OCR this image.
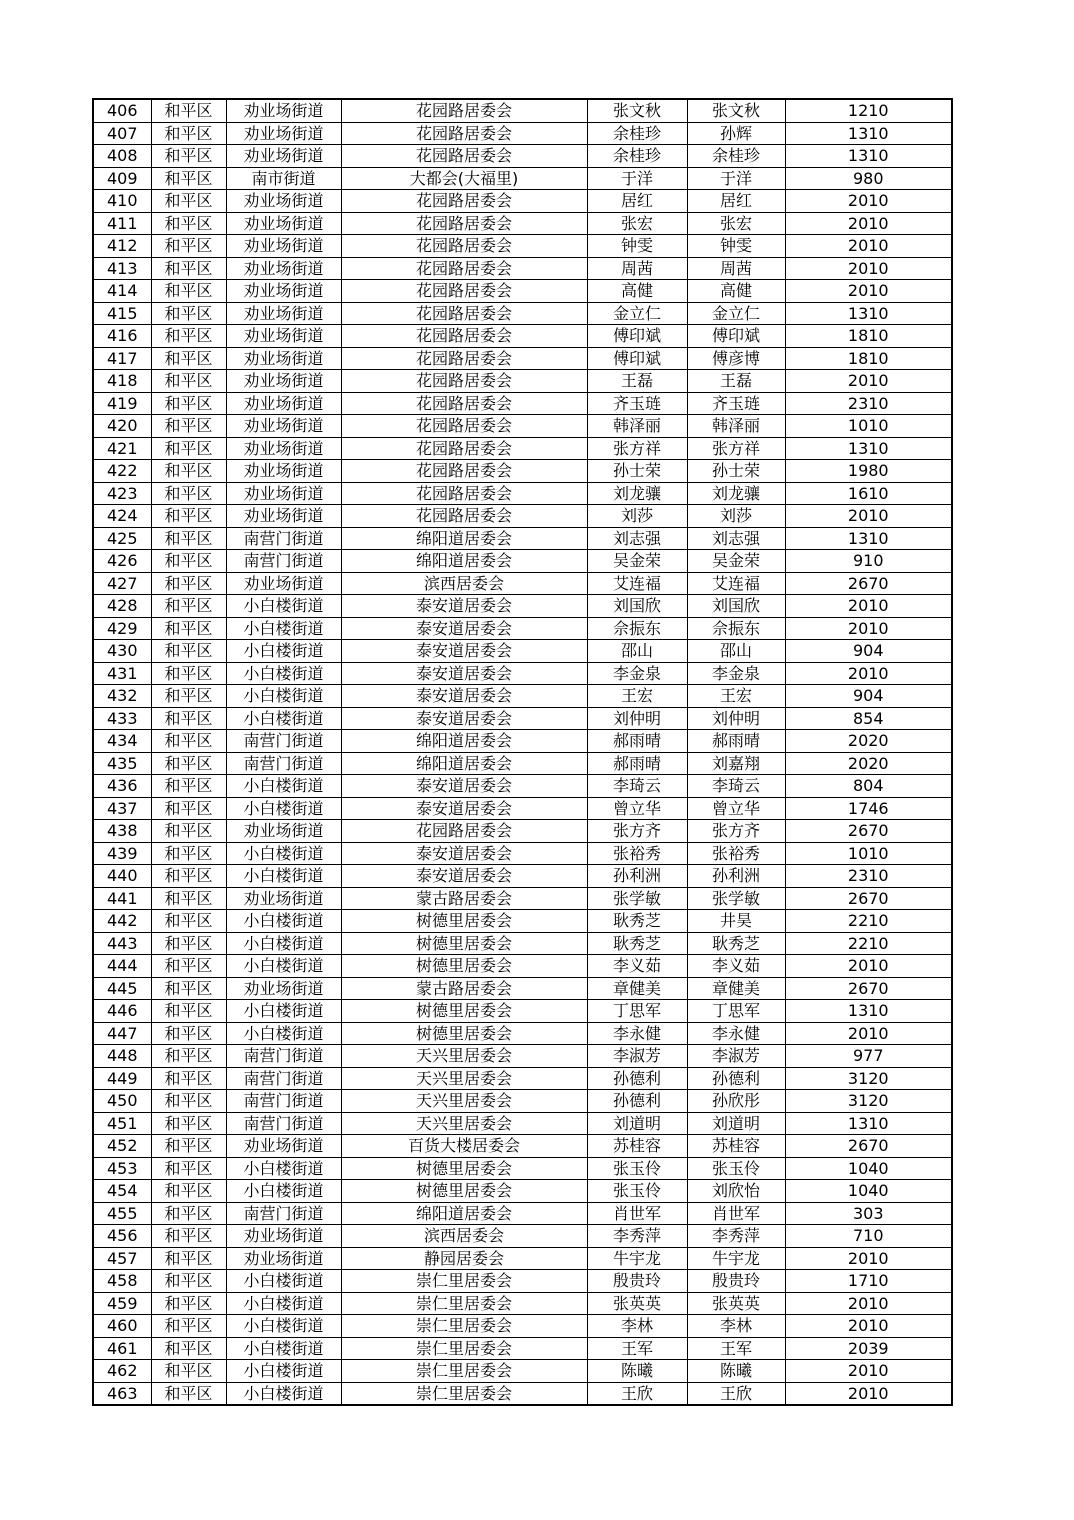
406	和平区	劝业场街道	花园路居委会	张文秋	张文秋	1210
407	和平区	劝业场街道	花园路居委会	余桂珍	孙辉	1310
408	和平区	劝业场街道	花园路居委会	余桂珍	余桂珍	1310
409	和平区	南市街道	大都会(大福里)	于洋	于洋	980
410	和平区	劝业场街道	花园路居委会	居红	居红	2010
411	和平区	劝业场街道	花园路居委会	张宏	张宏	2010
412	和平区	劝业场街道	花园路居委会	钟雯	钟雯	2010
413	和平区	劝业场街道	花园路居委会	周茜	周茜	2010
414	和平区	劝业场街道	花园路居委会	高健	高健	2010
415	和平区	劝业场街道	花园路居委会	金立仁	金立仁	1310
416	和平区	劝业场街道	花园路居委会	傅印斌	傅印斌	1810
417	和平区	劝业场街道	花园路居委会	傅印斌	傅彦博	1810
418	和平区	劝业场街道	花园路居委会	王磊	王磊	2010
419	和平区	劝业场街道	花园路居委会	齐玉琏	齐玉琏	2310
420	和平区	劝业场街道	花园路居委会	韩泽丽	韩泽丽	1010
421	和平区	劝业场街道	花园路居委会	张方祥	张方祥	1310
422	和平区	劝业场街道	花园路居委会	孙士荣	孙士荣	1980
423	和平区	劝业场街道	花园路居委会	刘龙骧	刘龙骧	1610
424	和平区	劝业场街道	花园路居委会	刘莎	刘莎	2010
425	和平区	南营门街道	绵阳道居委会	刘志强	刘志强	1310
426	和平区	南营门街道	绵阳道居委会	吴金荣	吴金荣	910
427	和平区	劝业场街道	滨西居委会	艾连福	艾连福	2670
428	和平区	小白楼街道	泰安道居委会	刘国欣	刘国欣	2010
429	和平区	小白楼街道	泰安道居委会	佘振东	佘振东	2010
430	和平区	小白楼街道	泰安道居委会	邵山	邵山	904
431	和平区	小白楼街道	泰安道居委会	李金泉	李金泉	2010
432	和平区	小白楼街道	泰安道居委会	王宏	王宏	904
433	和平区	小白楼街道	泰安道居委会	刘仲明	刘仲明	854
434	和平区	南营门街道	绵阳道居委会	郝雨晴	郝雨晴	2020
435	和平区	南营门街道	绵阳道居委会	郝雨晴	刘嘉翔	2020
436	和平区	小白楼街道	泰安道居委会	李琦云	李琦云	804
437	和平区	小白楼街道	泰安道居委会	曾立华	曾立华	1746
438	和平区	劝业场街道	花园路居委会	张方齐	张方齐	2670
439	和平区	小白楼街道	泰安道居委会	张裕秀	张裕秀	1010
440	和平区	小白楼街道	泰安道居委会	孙利洲	孙利洲	2310
441	和平区	劝业场街道	蒙古路居委会	张学敏	张学敏	2670
442	和平区	小白楼街道	树德里居委会	耿秀芝	井昊	2210
443	和平区	小白楼街道	树德里居委会	耿秀芝	耿秀芝	2210
444	和平区	小白楼街道	树德里居委会	李义茹	李义茹	2010
445	和平区	劝业场街道	蒙古路居委会	章健美	章健美	2670
446	和平区	小白楼街道	树德里居委会	丁思军	丁思军	1310
447	和平区	小白楼街道	树德里居委会	李永健	李永健	2010
448	和平区	南营门街道	天兴里居委会	李淑芳	李淑芳	977
449	和平区	南营门街道	天兴里居委会	孙德利	孙德利	3120
450	和平区	南营门街道	天兴里居委会	孙德利	孙欣彤	3120
451	和平区	南营门街道	天兴里居委会	刘道明	刘道明	1310
452	和平区	劝业场街道	百货大楼居委会	苏桂容	苏桂容	2670
453	和平区	小白楼街道	树德里居委会	张玉伶	张玉伶	1040
454	和平区	小白楼街道	树德里居委会	张玉伶	刘欣怡	1040
455	和平区	南营门街道	绵阳道居委会	肖世军	肖世军	303
456	和平区	劝业场街道	滨西居委会	李秀萍	李秀萍	710
457	和平区	劝业场街道	静园居委会	牛宇龙	牛宇龙	2010
458	和平区	小白楼街道	崇仁里居委会	殷贵玲	殷贵玲	1710
459	和平区	小白楼街道	崇仁里居委会	张英英	张英英	2010
460	和平区	小白楼街道	崇仁里居委会	李林	李林	2010
461	和平区	小白楼街道	崇仁里居委会	王军	王军	2039
462	和平区	小白楼街道	崇仁里居委会	陈曦	陈曦	2010
463	和平区	小白楼街道	崇仁里居委会	王欣	王欣	2010
